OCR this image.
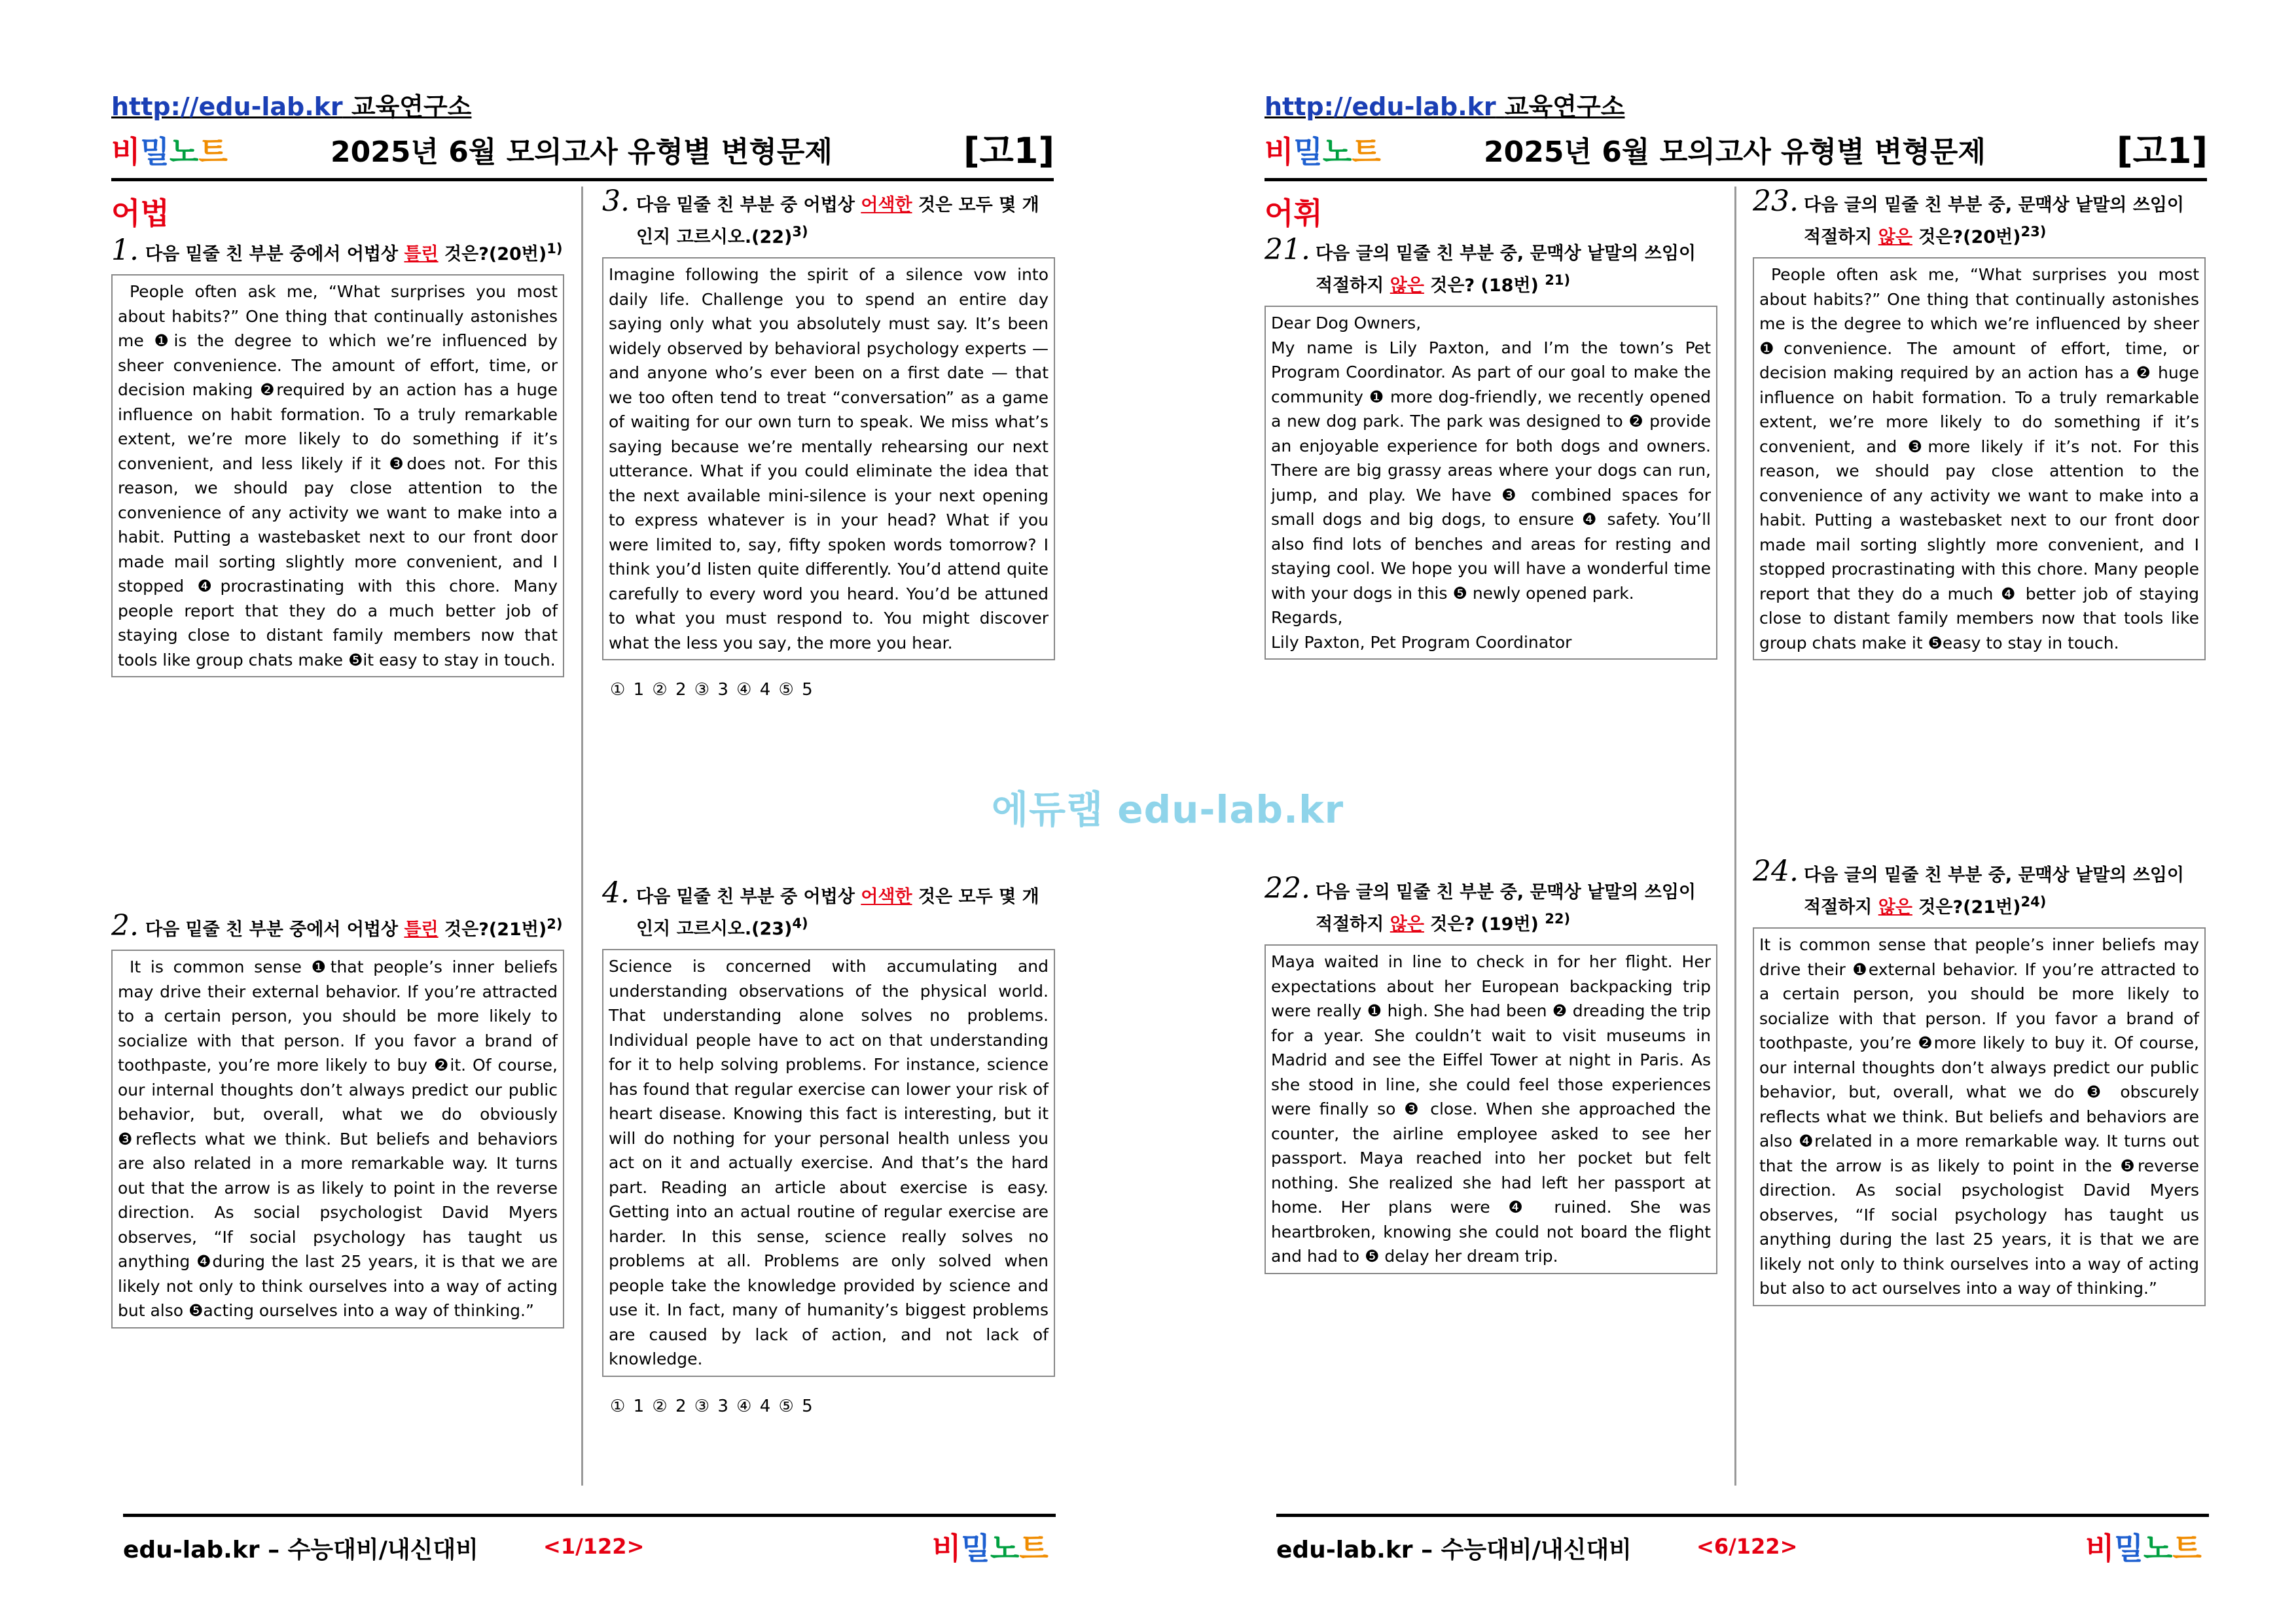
http://edu-lab.kr 교육연구소
비밀노트	2025년 6월 모의고사 유형별 변형문제	[고1]
어법
1. 다음 밑줄 친 부분 중에서 어법상 틀린 것은?(20번)$^{1)}$
People often ask me, “What surprises you most about habits?” One thing that continually astonishes me ❶is the degree to which we’re influenced by sheer convenience. The amount of effort, time, or decision making ❷required by an action has a huge influence on habit formation. To a truly remarkable extent, we’re more likely to do something if it’s convenient, and less likely if it ❸does not. For this reason, we should pay close attention to the convenience of any activity we want to make into a habit. Putting a wastebasket next to our front door made mail sorting slightly more convenient, and I stopped ❹procrastinating with this chore. Many people report that they do a much better job of staying close to distant family members now that tools like group chats make ❺it easy to stay in touch.
2. 다음 밑줄 친 부분 중에서 어법상 틀린 것은?(21번)$^{2)}$
It is common sense ❶that people’s inner beliefs may drive their external behavior. If you’re attracted to a certain person, you should be more likely to socialize with that person. If you favor a brand of toothpaste, you’re more likely to buy ❷it. Of course, our internal thoughts don’t always predict our public behavior, but, overall, what we do obviously ❸reflects what we think. But beliefs and behaviors are also related in a more remarkable way. It turns out that the arrow is as likely to point in the reverse direction. As social psychologist David Myers observes, “If social psychology has taught us anything ❹during the last 25 years, it is that we are likely not only to think ourselves into a way of acting but also ❺acting ourselves into a way of thinking.”
3. 다음 밑줄 친 부분 중 어법상 어색한 것은 모두 몇 개인지 고르시오$.(22)^{3)}$
Imagine following the spirit of a silence vow into daily life. Challenge you to spend an entire day saying only what you absolutely must say. It’s been widely observed by behavioral psychology experts — and anyone who’s ever been on a first date — that we too often tend to treat “conversation” as a game of waiting for our own turn to speak. We miss what’s saying because we’re mentally rehearsing our next utterance. What if you could eliminate the idea that the next available mini-silence is your next opening to express whatever is in your head? What if you were limited to, say, fifty spoken words tomorrow? I think you’d listen quite differently. You’d attend quite carefully to every word you heard. You’d be attuned to what you must respond to. You might discover what the less you say, the more you hear.
① 1 ② 2 ③ 3 ④ 4 ⑤ 5
4. 다음 밑줄 친 부분 중 어법상 어색한 것은 모두 몇 개인지 고르시오$.(23)^{4)}$
Science is concerned with accumulating and understanding observations of the physical world. That understanding alone solves no problems. Individual people have to act on that understanding for it to help solving problems. For instance, science has found that regular exercise can lower your risk of heart disease. Knowing this fact is interesting, but it will do nothing for your personal health unless you act on it and actually exercise. And that’s the hard part. Reading an article about exercise is easy. Getting into an actual routine of regular exercise are harder. In this sense, science really solves no problems at all. Problems are only solved when people take the knowledge provided by science and use it. In fact, many of humanity’s biggest problems are caused by lack of action, and not lack of knowledge.
① 1 ② 2 ③ 3 ④ 4 ⑤ 5
edu-lab.kr – 수능대비/내신대비	<1/122>	비밀노트
http://edu-lab.kr 교육연구소
비밀노트	2025년 6월 모의고사 유형별 변형문제	[고1]
어휘
21. 다음 글의 밑줄 친 부분 중, 문맥상 낱말의 쓰임이 적절하지 않은 것은? (18번) $^{21)}$
Dear Dog Owners,
My name is Lily Paxton, and I’m the town’s Pet Program Coordinator. As part of our goal to make the community ❶ more dog-friendly, we recently opened a new dog park. The park was designed to ❷ provide an enjoyable experience for both dogs and owners. There are big grassy areas where your dogs can run, jump, and play. We have ❸ combined spaces for small dogs and big dogs, to ensure ❹ safety. You’ll also find lots of benches and areas for resting and staying cool. We hope you will have a wonderful time with your dogs in this ❺ newly opened park.
Regards,
Lily Paxton, Pet Program Coordinator
22. 다음 글의 밑줄 친 부분 중, 문맥상 낱말의 쓰임이 적절하지 않은 것은? (19번) $^{22)}$
Maya waited in line to check in for her flight. Her expectations about her European backpacking trip were really ❶ high. She had been ❷ dreading the trip for a year. She couldn’t wait to visit museums in Madrid and see the Eiffel Tower at night in Paris. As she stood in line, she could feel those experiences were finally so ❸ close. When she approached the counter, the airline employee asked to see her passport. Maya reached into her pocket but felt nothing. She realized she had left her passport at home. Her plans were ❹ ruined. She was heartbroken, knowing she could not board the flight and had to ❺ delay her dream trip.
23. 다음 글의 밑줄 친 부분 중, 문맥상 낱말의 쓰임이 적절하지 않은 것은?(20번)$^{23)}$
People often ask me, “What surprises you most about habits?” One thing that continually astonishes me is the degree to which we’re influenced by sheer ❶convenience. The amount of effort, time, or decision making required by an action has a ❷ huge influence on habit formation. To a truly remarkable extent, we’re more likely to do something if it’s convenient, and ❸more likely if it’s not. For this reason, we should pay close attention to the convenience of any activity we want to make into a habit. Putting a wastebasket next to our front door made mail sorting slightly more convenient, and I stopped procrastinating with this chore. Many people report that they do a much ❹ better job of staying close to distant family members now that tools like group chats make it ❺easy to stay in touch.
24. 다음 글의 밑줄 친 부분 중, 문맥상 낱말의 쓰임이 적절하지 않은 것은?(21번)$^{24)}$
It is common sense that people’s inner beliefs may drive their ❶external behavior. If you’re attracted to a certain person, you should be more likely to socialize with that person. If you favor a brand of toothpaste, you’re ❷more likely to buy it. Of course, our internal thoughts don’t always predict our public behavior, but, overall, what we do ❸ obscurely reflects what we think. But beliefs and behaviors are also ❹related in a more remarkable way. It turns out that the arrow is as likely to point in the ❺reverse direction. As social psychologist David Myers observes, “If social psychology has taught us anything during the last 25 years, it is that we are likely not only to think ourselves into a way of acting but also to act ourselves into a way of thinking.”
edu-lab.kr – 수능대비/내신대비	<6/122>	비밀노트
에듀랩 edu-lab.kr
